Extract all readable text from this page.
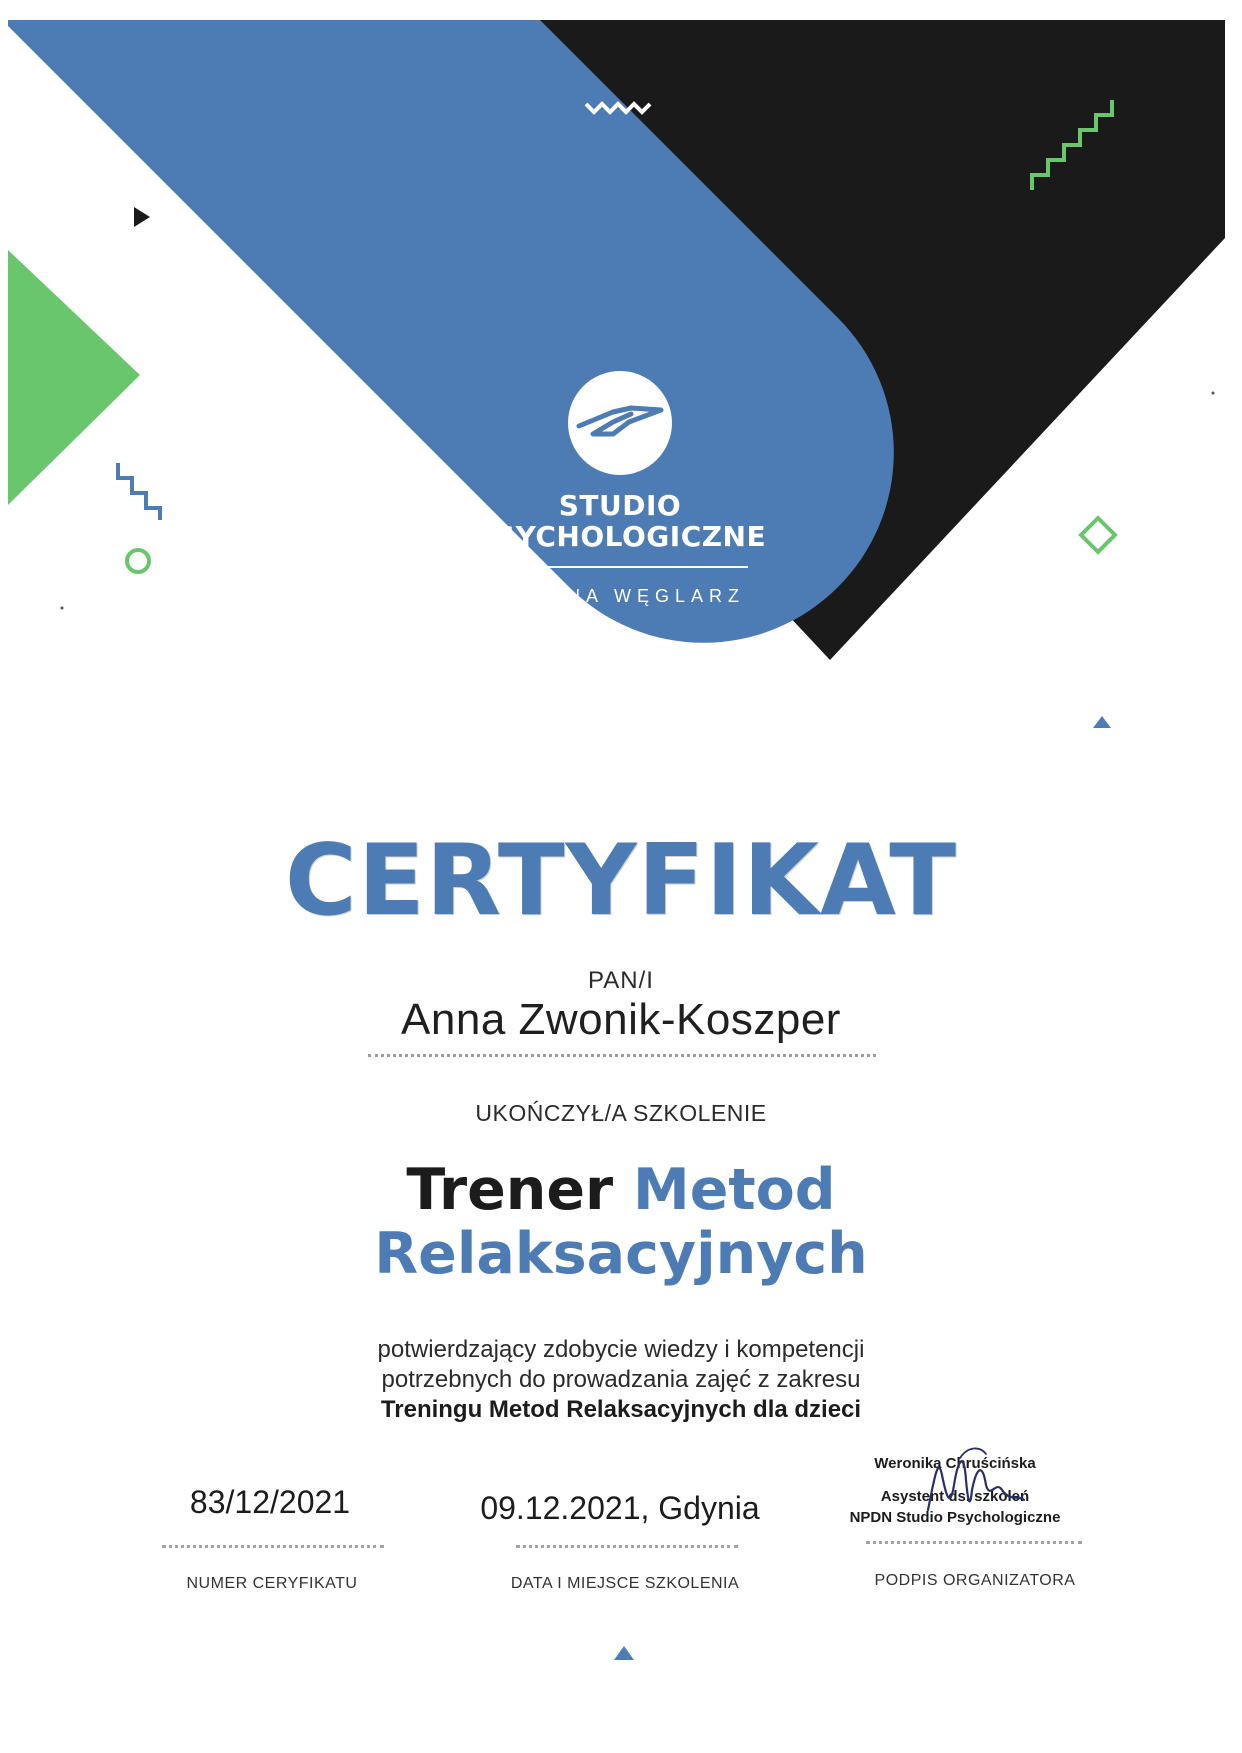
STUDIO
PSYCHOLOGICZNE
JOANNA WĘGLARZ
CERTYFIKAT
PAN/I
Anna Zwonik-Koszper
UKOŃCZYŁ/A SZKOLENIE
Trener Metod
Relaksacyjnych
potwierdzający zdobycie wiedzy i kompetencji
potrzebnych do prowadzania zajęć z zakresu
Treningu Metod Relaksacyjnych dla dzieci
83/12/2021
NUMER CERYFIKATU
09.12.2021, Gdynia
DATA I MIEJSCE SZKOLENIA
Weronika Chruścińska
Asystent ds. szkoleń
NPDN Studio Psychologiczne
PODPIS ORGANIZATORA
